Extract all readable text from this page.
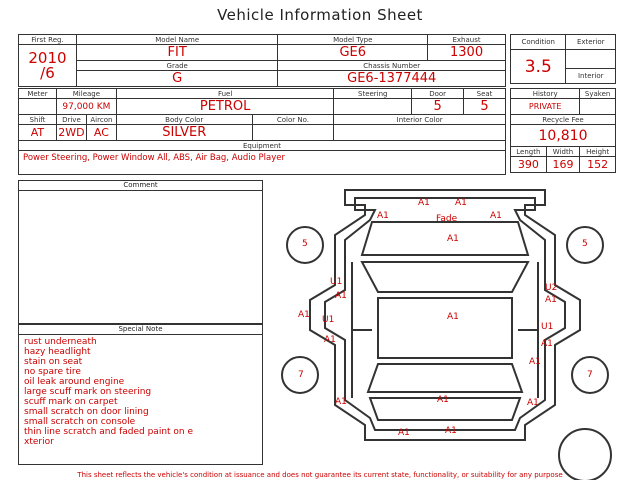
Vehicle Information Sheet
First Reg.	Model Name	Model Type	Exhaust

2010
/6	FIT	GE6	1300
	Grade	Chassis Number	
	G	GE6-1377444	
Condition	Exterior
3.5	
	Interior
Meter	Mileage		Fuel		Steering	Door	Seat
	97,000 KM		PETROL			5	5
Shift	Drive	Aircon	Body Color	Color No.	Interior Color		
AT	2WD	AC	SILVER				
Equipment							
Power Steering, Power Window All, ABS, Air Bag, Audio Player							
History		Syaken
PRIVATE		
Recycle Fee		
10,810		
Length	Width	Height
390	169	152
Comment
Special Note
rust underneath
hazy headlight
stain on seat
no spare tire
oil leak around engine
large scuff mark on steering
scuff mark on carpet
small scratch on door lining
small scratch on console
thin line scratch and faded paint on e
xterior
A1	A1
A1	Fade	A1
A1
5	5
U1
A1
U2
A1
A1 U1	A1
U1
A1	A1
A1
7	7
A1	A1	A1
A1	A1
This sheet reflects the vehicle's condition at issuance and does not guarantee its current state, functionality, or suitability for any purpose
